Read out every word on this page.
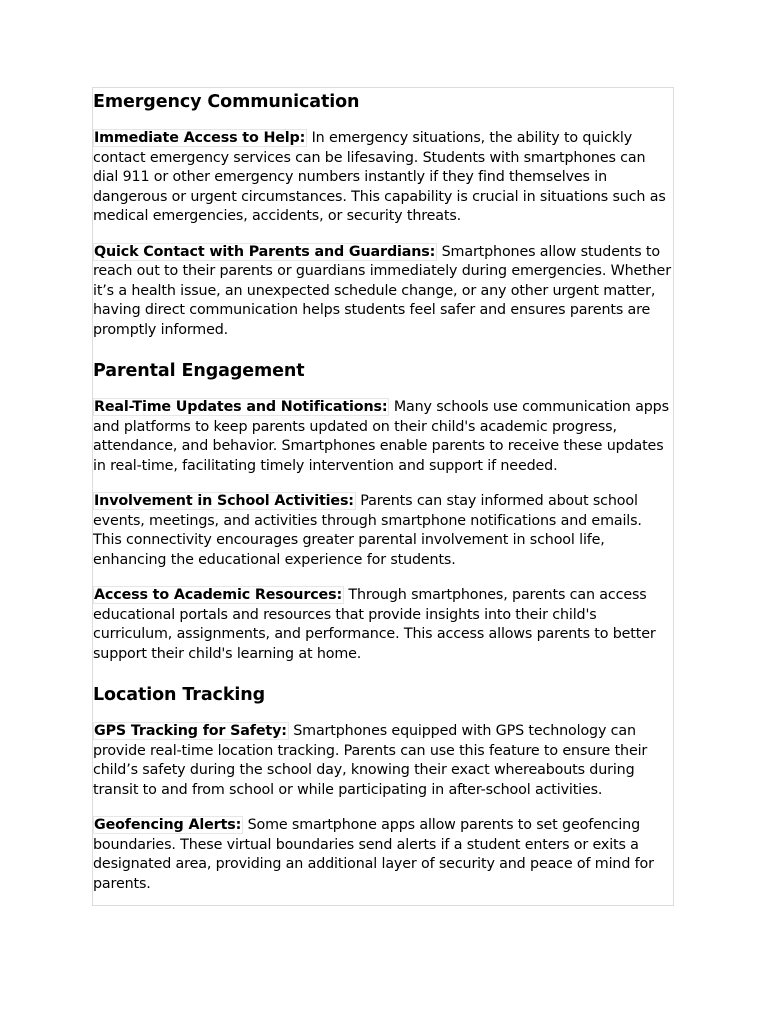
Emergency Communication

Immediate Access to Help: In emergency situations, the ability to quickly contact emergency services can be lifesaving. Students with smartphones can dial 911 or other emergency numbers instantly if they find themselves in dangerous or urgent circumstances. This capability is crucial in situations such as medical emergencies, accidents, or security threats.

Quick Contact with Parents and Guardians: Smartphones allow students to reach out to their parents or guardians immediately during emergencies. Whether it’s a health issue, an unexpected schedule change, or any other urgent matter, having direct communication helps students feel safer and ensures parents are promptly informed.

Parental Engagement

Real-Time Updates and Notifications: Many schools use communication apps and platforms to keep parents updated on their child's academic progress, attendance, and behavior. Smartphones enable parents to receive these updates in real-time, facilitating timely intervention and support if needed.

Involvement in School Activities: Parents can stay informed about school events, meetings, and activities through smartphone notifications and emails. This connectivity encourages greater parental involvement in school life, enhancing the educational experience for students.

Access to Academic Resources: Through smartphones, parents can access educational portals and resources that provide insights into their child's curriculum, assignments, and performance. This access allows parents to better support their child's learning at home.

Location Tracking

GPS Tracking for Safety: Smartphones equipped with GPS technology can provide real-time location tracking. Parents can use this feature to ensure their child’s safety during the school day, knowing their exact whereabouts during transit to and from school or while participating in after-school activities.

Geofencing Alerts: Some smartphone apps allow parents to set geofencing boundaries. These virtual boundaries send alerts if a student enters or exits a designated area, providing an additional layer of security and peace of mind for parents.
